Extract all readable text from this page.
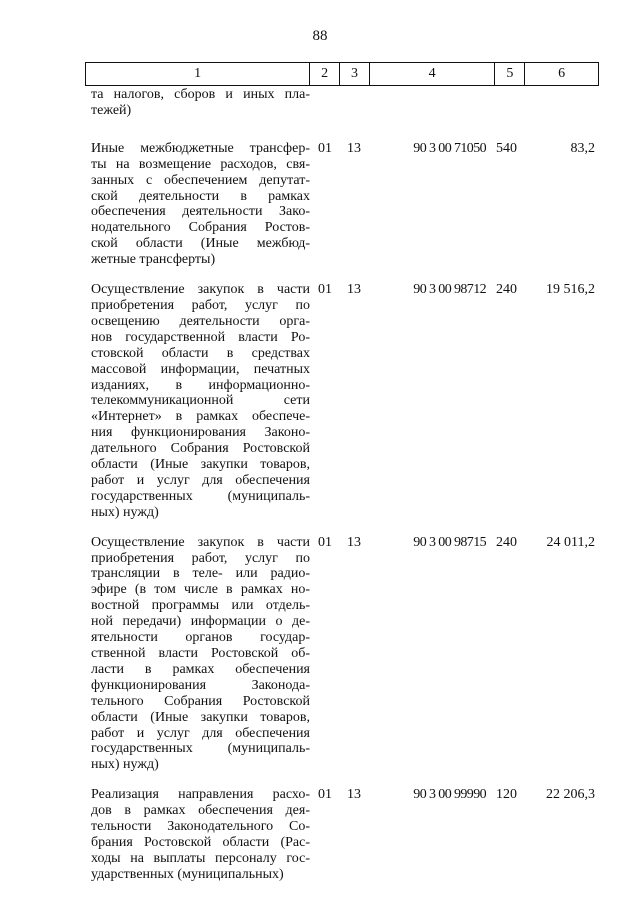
88
1	2	3	4	5	6
та налогов, сборов и иных пла-
тежей)
Иные межбюджетные трансфер-
ты на возмещение расходов, свя-
занных с обеспечением депутат-
ской деятельности в рамках
обеспечения деятельности Зако-
нодательного Собрания Ростов-
ской области (Иные межбюд-
жетные трансферты)
01	13	90 3 00 71050 540	83,2
Осуществление закупок в части
приобретения работ, услуг по
освещению деятельности орга-
нов государственной власти Ро-
стовской области в средствах
массовой информации, печатных
изданиях, в информационно-
телекоммуникационной сети
«Интернет» в рамках обеспече-
ния функционирования Законо-
дательного Собрания Ростовской
области (Иные закупки товаров,
работ и услуг для обеспечения
государственных (муниципаль-
ных) нужд)
01	13	90 3 00 98712 240	19 516,2
Осуществление закупок в части
приобретения работ, услуг по
трансляции в теле- или радио-
эфире (в том числе в рамках но-
востной программы или отдель-
ной передачи) информации о де-
ятельности органов государ-
ственной власти Ростовской об-
ласти в рамках обеспечения
функционирования Законода-
тельного Собрания Ростовской
области (Иные закупки товаров,
работ и услуг для обеспечения
государственных (муниципаль-
ных) нужд)
01	13	90 3 00 98715 240	24 011,2
Реализация направления расхо-
дов в рамках обеспечения дея-
тельности Законодательного Со-
брания Ростовской области (Рас-
ходы на выплаты персоналу гос-
ударственных (муниципальных)
01	13	90 3 00 99990 120	22 206,3
